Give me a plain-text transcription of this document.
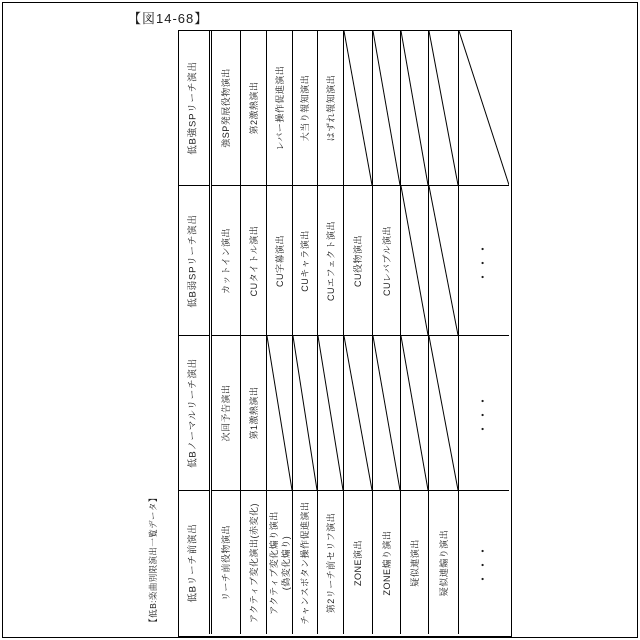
【図14-68】
【低B:楽曲別限演出一覧データ】	低Bリーチ前演出
低Bノーマルリーチ演出
低B弱SPリーチ演出
低B強SPリーチ演出
リーチ前役物演出
次回予告演出
カットイン演出
強SP発展役物演出
アクティブ変化演出(赤変化)
第1激熱演出
CUタイトル演出
第2激熱演出
アクティブ変化煽り演出 (偽変化煽り)
CU字幕演出
レバー操作促進演出
チャンスボタン操作促進演出
CUキャラ演出
大当り報知演出
第2リーチ前セリフ演出
CUエフェクト演出
はずれ報知演出
ZONE演出
CU役物演出
ZONE煽り演出
CUレバブル演出
疑似連演出 疑似連煽り演出	・・・
・・・
・・・
